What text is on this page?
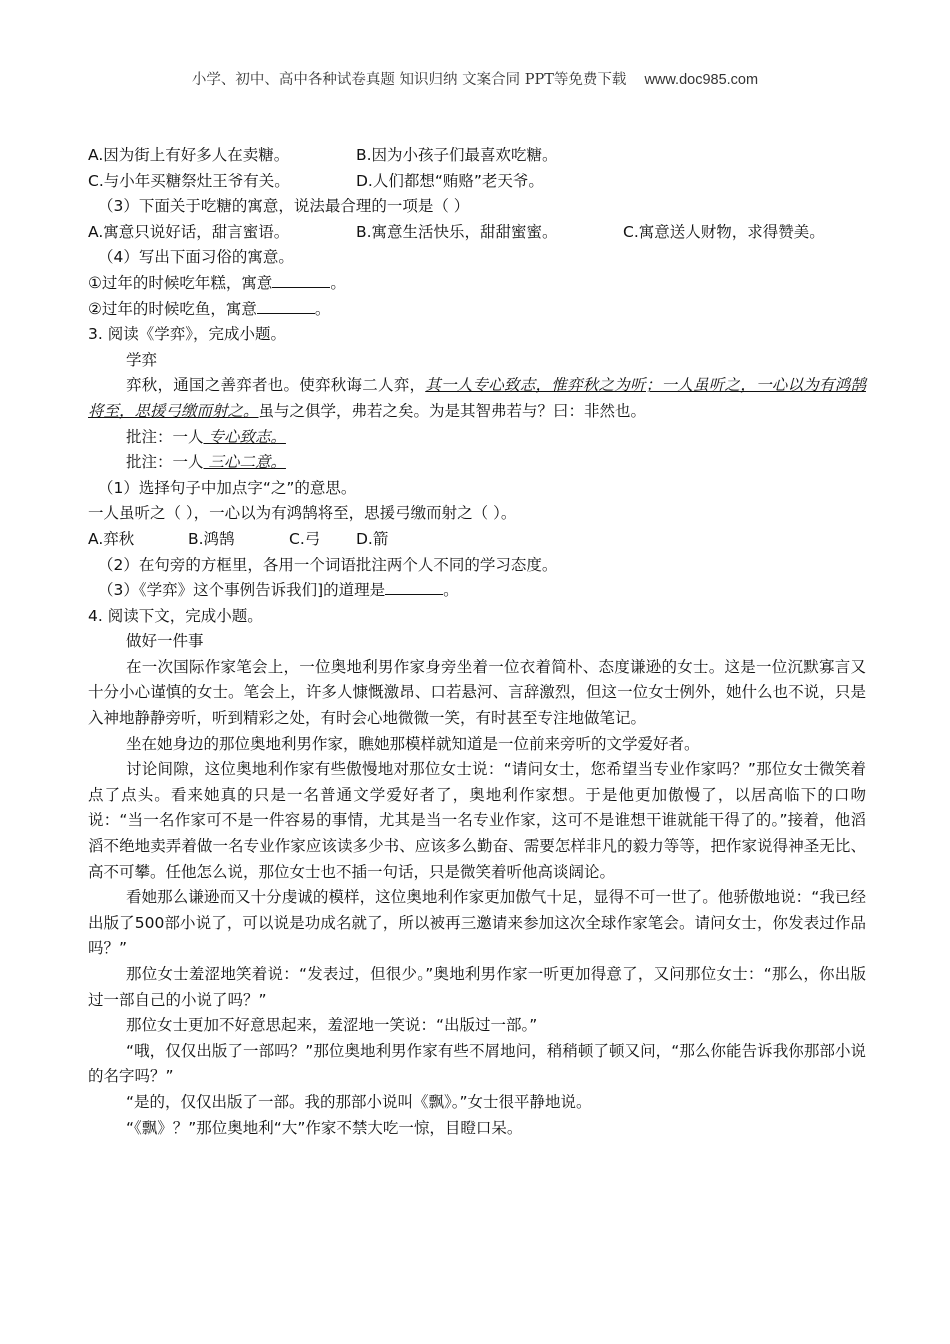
小学、初中、高中各种试卷真题 知识归纳 文案合同 PPT等免费下载 www.doc985.com
A.因为街上有好多人在卖糖。	B.因为小孩子们最喜欢吃糖。
C.与小年买糖祭灶王爷有关。	D.人们都想“贿赂”老天爷。
（3）下面关于吃糖的寓意，说法最合理的一项是（ ）
A.寓意只说好话，甜言蜜语。	B.寓意生活快乐，甜甜蜜蜜。	C.寓意送人财物，求得赞美。
（4）写出下面习俗的寓意。
①过年的时候吃年糕，寓意	。
②过年的时候吃鱼，寓意	。
3. 阅读《学弈》，完成小题。
学弈
弈秋，通国之善弈者也。使弈秋诲二人弈，其一人专心致志，惟弈秋之为听；一人虽听之，一心以为有鸿鹄将至，思援弓缴而射之。虽与之俱学，弗若之矣。为是其智弗若与？曰：非然也。
批注：一人 专心致志。
批注：一人 三心二意。
（1）选择句子中加点字“之”的意思。
一人虽听之（ ），一心以为有鸿鹄将至，思援弓缴而射之（ ）。
A.弈秋	B.鸿鹄	C.弓 D.箭
（2）在句旁的方框里，各用一个词语批注两个人不同的学习态度。
（3）《学弈》这个事例告诉我们]的道理是	。
4. 阅读下文，完成小题。
做好一件事
在一次国际作家笔会上，一位奥地利男作家身旁坐着一位衣着简朴、态度谦逊的女士。这是一位沉默寡言又十分小心谨慎的女士。笔会上，许多人慷慨激昂、口若悬河、言辞激烈，但这一位女士例外，她什么也不说，只是入神地静静旁听，听到精彩之处，有时会心地微微一笑，有时甚至专注地做笔记。
坐在她身边的那位奥地利男作家，瞧她那模样就知道是一位前来旁听的文学爱好者。
讨论间隙，这位奥地利作家有些傲慢地对那位女士说：“请问女士，您希望当专业作家吗？”那位女士微笑着点了点头。看来她真的只是一名普通文学爱好者了，奥地利作家想。于是他更加傲慢了，以居高临下的口吻说：“当一名作家可不是一件容易的事情，尤其是当一名专业作家，这可不是谁想干谁就能干得了的。”接着，他滔滔不绝地卖弄着做一名专业作家应该读多少书、应该多么勤奋、需要怎样非凡的毅力等等，把作家说得神圣无比、高不可攀。任他怎么说，那位女士也不插一句话，只是微笑着听他高谈阔论。
看她那么谦逊而又十分虔诚的模样，这位奥地利作家更加傲气十足，显得不可一世了。他骄傲地说：“我已经出版了500部小说了，可以说是功成名就了，所以被再三邀请来参加这次全球作家笔会。请问女士，你发表过作品吗？”
那位女士羞涩地笑着说：“发表过，但很少。”奥地利男作家一听更加得意了，又问那位女士：“那么，你出版过一部自己的小说了吗？”
那位女士更加不好意思起来，羞涩地一笑说：“出版过一部。”
“哦，仅仅出版了一部吗？”那位奥地利男作家有些不屑地问，稍稍顿了顿又问，“那么你能告诉我你那部小说的名字吗？”
“是的，仅仅出版了一部。我的那部小说叫《飘》。”女士很平静地说。
“《飘》？”那位奥地利“大”作家不禁大吃一惊，目瞪口呆。
